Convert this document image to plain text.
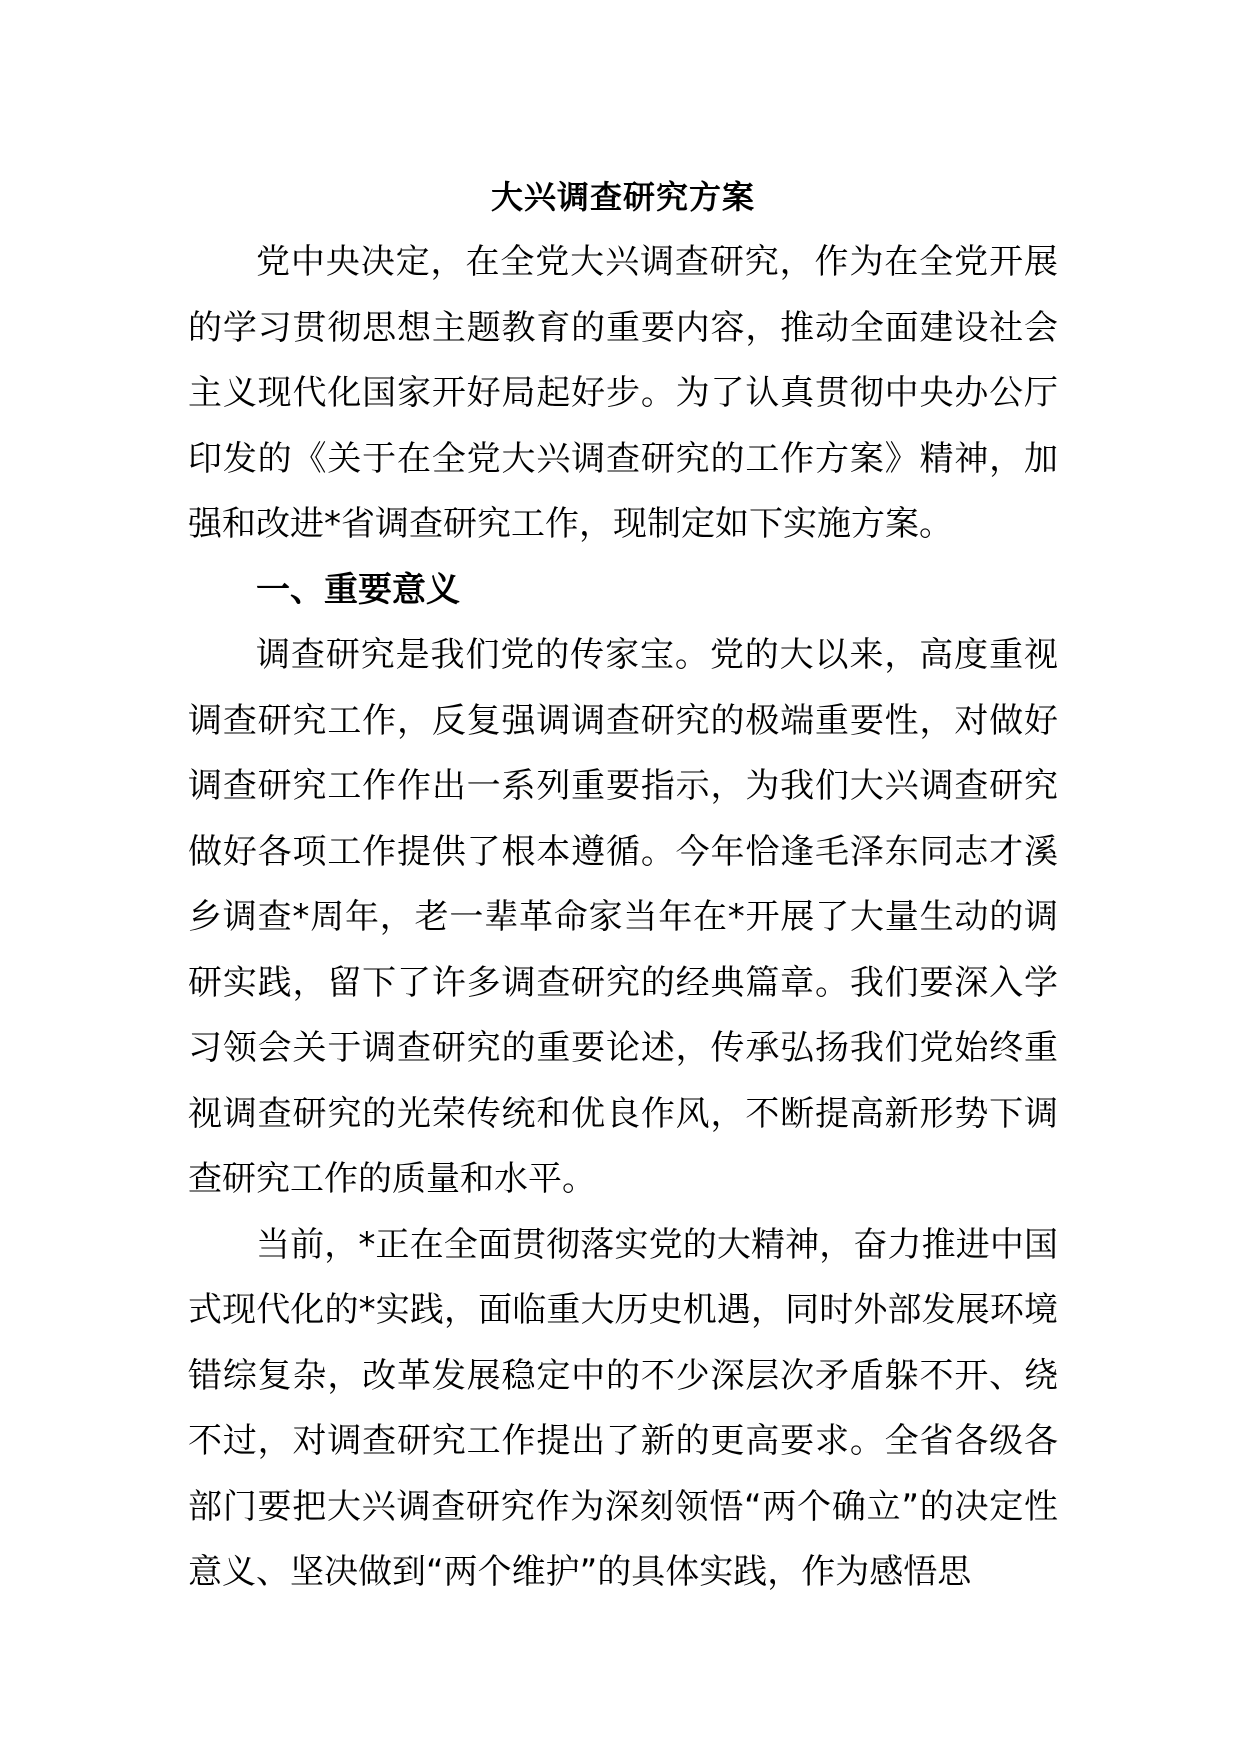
大兴调查研究方案

党中央决定，在全党大兴调查研究，作为在全党开展的学习贯彻思想主题教育的重要内容，推动全面建设社会主义现代化国家开好局起好步。为了认真贯彻中央办公厅印发的《关于在全党大兴调查研究的工作方案》精神，加强和改进*省调查研究工作，现制定如下实施方案。

一、重要意义

调查研究是我们党的传家宝。党的大以来，高度重视调查研究工作，反复强调调查研究的极端重要性，对做好调查研究工作作出一系列重要指示，为我们大兴调查研究做好各项工作提供了根本遵循。今年恰逢毛泽东同志才溪乡调查*周年，老一辈革命家当年在*开展了大量生动的调研实践，留下了许多调查研究的经典篇章。我们要深入学习领会关于调查研究的重要论述，传承弘扬我们党始终重视调查研究的光荣传统和优良作风，不断提高新形势下调查研究工作的质量和水平。

当前，*正在全面贯彻落实党的大精神，奋力推进中国式现代化的*实践，面临重大历史机遇，同时外部发展环境错综复杂，改革发展稳定中的不少深层次矛盾躲不开、绕不过，对调查研究工作提出了新的更高要求。全省各级各部门要把大兴调查研究作为深刻领悟“两个确立”的决定性意义、坚决做到“两个维护”的具体实践，作为感悟思
